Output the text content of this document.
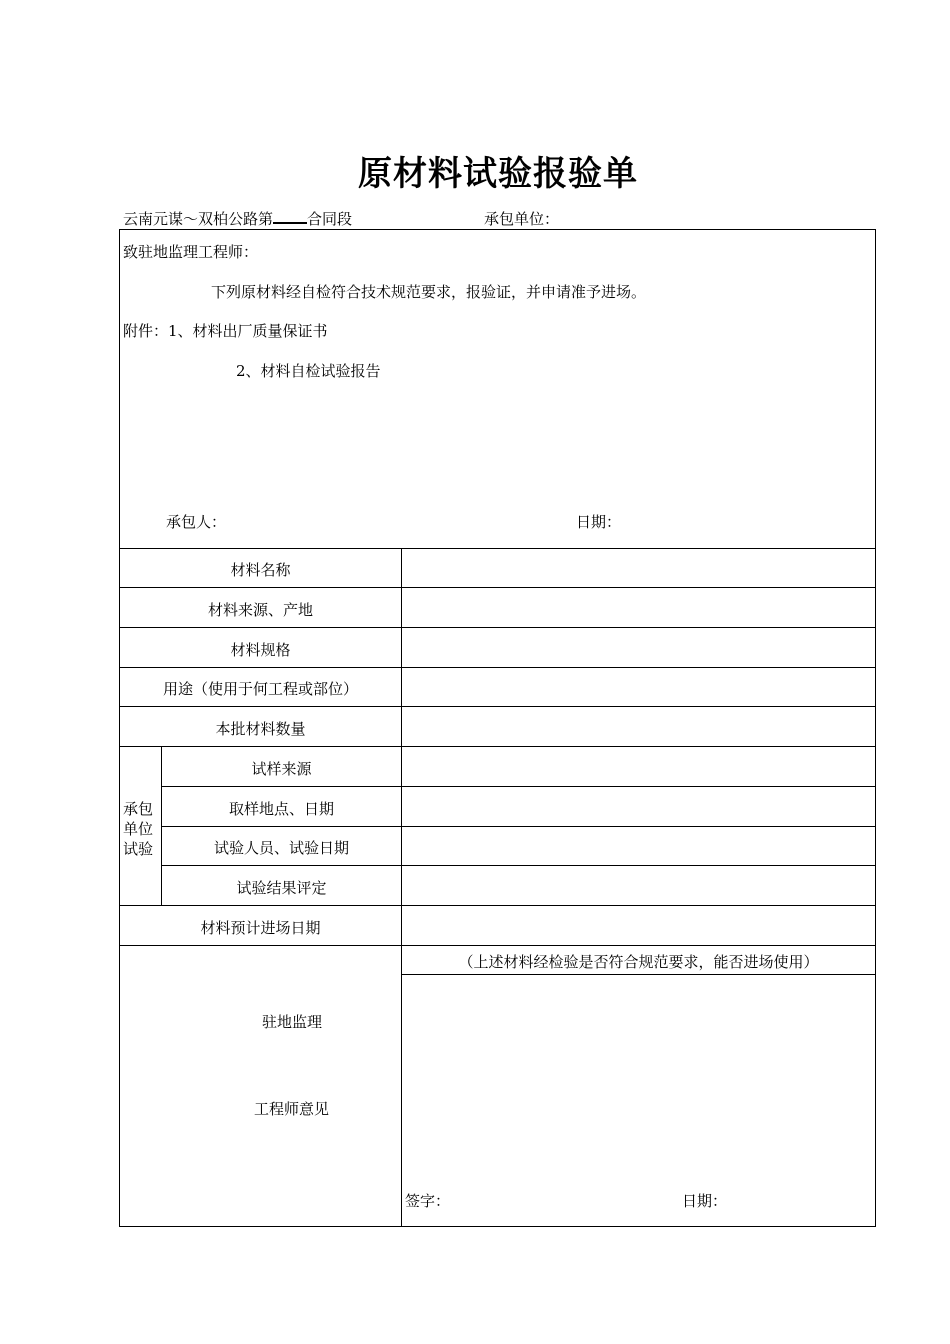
原材料试验报验单
云南元谋～双柏公路第 合同段	承包单位：
致驻地监理工程师：
下列原材料经自检符合技术规范要求，报验证，并申请准予进场。
附件：1、材料出厂质量保证书
2、材料自检试验报告
承包人：	日期：
材料名称
材料来源、产地
材料规格
用途（使用于何工程或部位）
本批材料数量
承包单位试验
试样来源
取样地点、日期
试验人员、试验日期
试验结果评定
材料预计进场日期
驻地监理
工程师意见
（上述材料经检验是否符合规范要求，能否进场使用）
签字：	日期：
